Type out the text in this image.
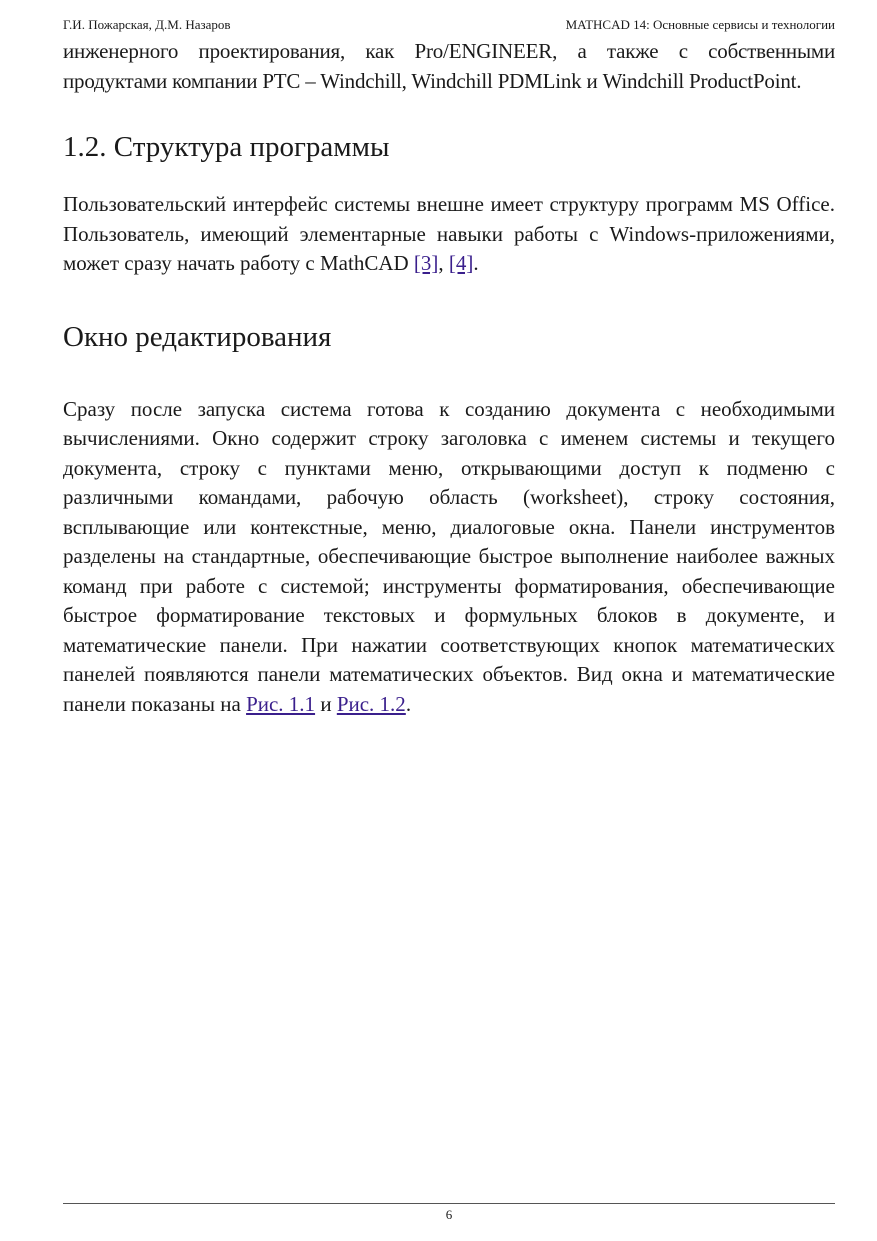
Г.И. Пожарская, Д.М. Назаров	MATHCAD 14: Основные сервисы и технологии

инженерного проектирования, как Pro/ENGINEER, а также с собственными продуктами компании PTC – Windchill, Windchill PDMLink и Windchill ProductPoint.

1.2. Структура программы

Пользовательский интерфейс системы внешне имеет структуру программ MS Office. Пользователь, имеющий элементарные навыки работы с Windows-приложениями, может сразу начать работу с MathCAD [3], [4].

Окно редактирования

Сразу после запуска система готова к созданию документа с необходимыми вычислениями. Окно содержит строку заголовка с именем системы и текущего документа, строку с пунктами меню, открывающими доступ к подменю с различными командами, рабочую область (worksheet), строку состояния, всплывающие или контекстные, меню, диалоговые окна. Панели инструментов разделены на стандартные, обеспечивающие быстрое выполнение наиболее важных команд при работе с системой; инструменты форматирования, обеспечивающие быстрое форматирование текстовых и формульных блоков в документе, и математические панели. При нажатии соответствующих кнопок математических панелей появляются панели математических объектов. Вид окна и математические панели показаны на Рис. 1.1 и Рис. 1.2.

6
